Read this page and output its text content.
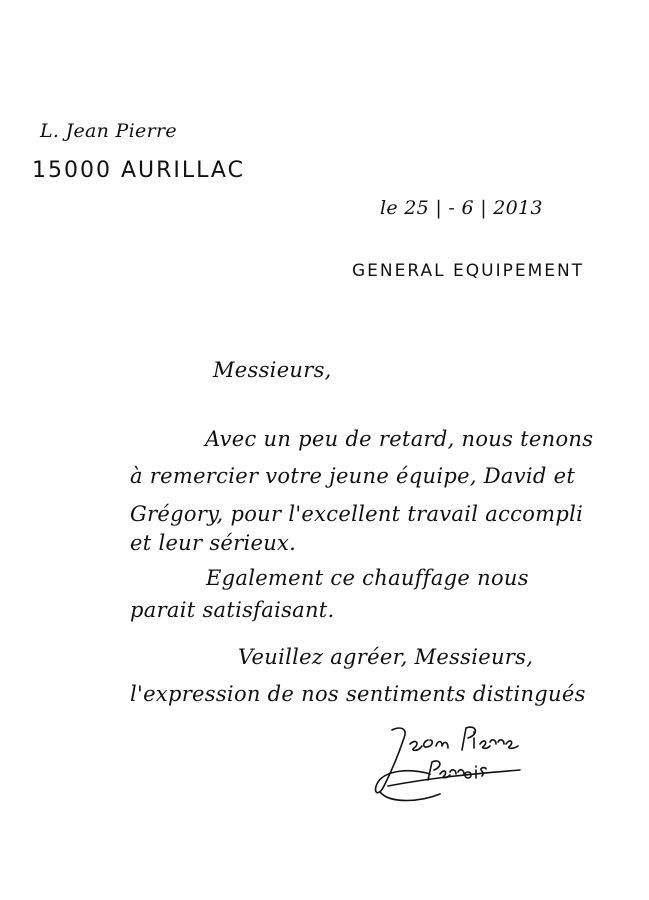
L. Jean Pierre
15000 AURILLAC
le 25 | - 6 | 2013
GENERAL EQUIPEMENT
Messieurs,
Avec un peu de retard, nous tenons
à remercier votre jeune équipe, David et
Grégory, pour l'excellent travail accompli
et leur sérieux.
Egalement ce chauffage nous
parait satisfaisant.
Veuillez agréer, Messieurs,
l'expression de nos sentiments distingués
